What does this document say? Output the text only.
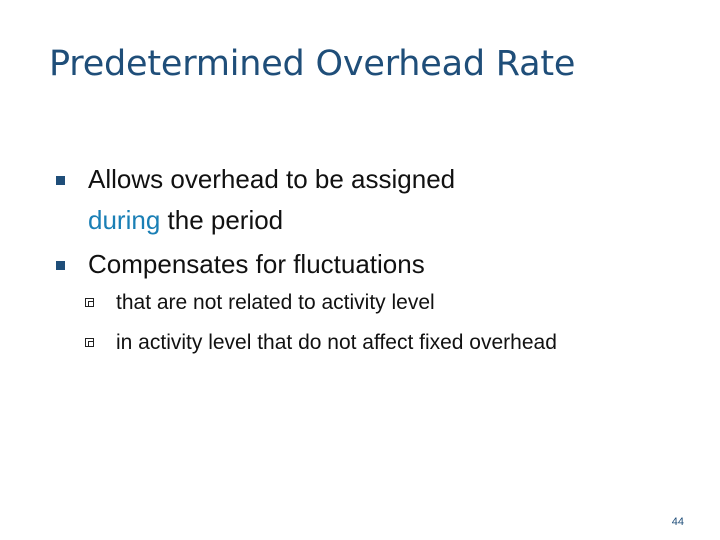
Predetermined Overhead Rate
Allows overhead to be assigned
during the period
Compensates for fluctuations
that are not related to activity level
in activity level that do not affect fixed overhead
44
